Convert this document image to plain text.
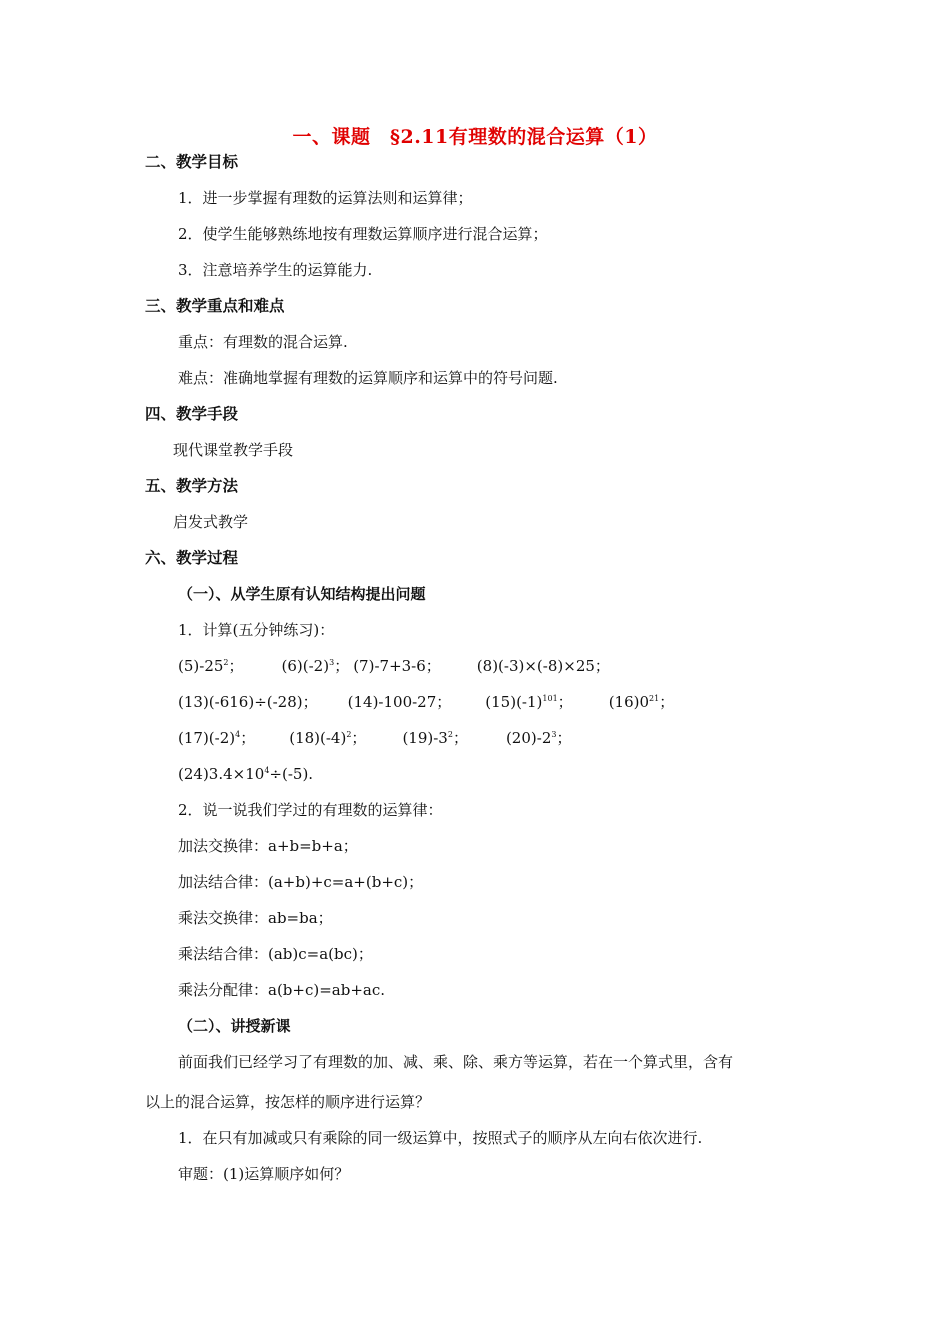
一、课题　§2.11有理数的混合运算（1）
二、教学目标
1．进一步掌握有理数的运算法则和运算律；
2．使学生能够熟练地按有理数运算顺序进行混合运算；
3．注意培养学生的运算能力.
三、教学重点和难点
重点：有理数的混合运算.
难点：准确地掌握有理数的运算顺序和运算中的符号问题.
四、教学手段
现代课堂教学手段
五、教学方法
启发式教学
六、教学过程
（一）、从学生原有认知结构提出问题
1．计算(五分钟练习)：
$(5)-25^2$；	$(6)(-2)^3$； (7)-7+3-6； (8)(-3)×(-8)×25；
(13)(-616)÷(-28)； (14)-100-27； $(15)(-1)^{101}$； $(16)0^{21}$；
$(17)(-2)^4$； $(18)(-4)^2$； $(19)-3^2$；	$(20)-2^3$；
$(24)3.4\times 10^4\div(-5)$.
2．说一说我们学过的有理数的运算律：
加法交换律：a+b=b+a；
加法结合律：(a+b)+c=a+(b+c)；
乘法交换律：ab=ba；
乘法结合律：(ab)c=a(bc)；
乘法分配律：a(b+c)=ab+ac.
（二）、讲授新课
前面我们已经学习了有理数的加、减、乘、除、乘方等运算，若在一个算式里，含有
以上的混合运算，按怎样的顺序进行运算？
1．在只有加减或只有乘除的同一级运算中，按照式子的顺序从左向右依次进行.
审题：(1)运算顺序如何？
